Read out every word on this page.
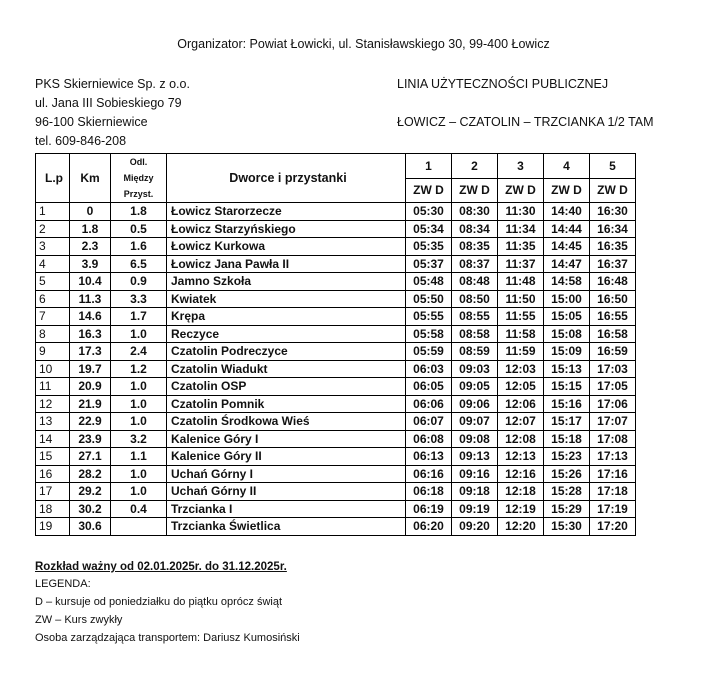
Organizator: Powiat Łowicki, ul. Stanisławskiego 30, 99-400 Łowicz
PKS Skierniewice Sp. z o.o.
ul. Jana III Sobieskiego 79
96-100 Skierniewice
tel. 609-846-208
LINIA UŻYTECZNOŚCI PUBLICZNEJ
ŁOWICZ – CZATOLIN – TRZCIANKA 1/2 TAM
L.p	Km	Odl.
Między
Przyst.	Dworce i przystanki	1	2	3	4	5
				ZW D	ZW D	ZW D	ZW D	ZW D
1	0	1.8	Łowicz Starorzecze	05:30	08:30	11:30	14:40	16:30
2	1.8	0.5	Łowicz Starzyńskiego	05:34	08:34	11:34	14:44	16:34
3	2.3	1.6	Łowicz Kurkowa	05:35	08:35	11:35	14:45	16:35
4	3.9	6.5	Łowicz Jana Pawła II	05:37	08:37	11:37	14:47	16:37
5	10.4	0.9	Jamno Szkoła	05:48	08:48	11:48	14:58	16:48
6	11.3	3.3	Kwiatek	05:50	08:50	11:50	15:00	16:50
7	14.6	1.7	Krępa	05:55	08:55	11:55	15:05	16:55
8	16.3	1.0	Reczyce	05:58	08:58	11:58	15:08	16:58
9	17.3	2.4	Czatolin Podreczyce	05:59	08:59	11:59	15:09	16:59
10	19.7	1.2	Czatolin Wiadukt	06:03	09:03	12:03	15:13	17:03
11	20.9	1.0	Czatolin OSP	06:05	09:05	12:05	15:15	17:05
12	21.9	1.0	Czatolin Pomnik	06:06	09:06	12:06	15:16	17:06
13	22.9	1.0	Czatolin Środkowa Wieś	06:07	09:07	12:07	15:17	17:07
14	23.9	3.2	Kalenice Góry I	06:08	09:08	12:08	15:18	17:08
15	27.1	1.1	Kalenice Góry II	06:13	09:13	12:13	15:23	17:13
16	28.2	1.0	Uchań Górny I	06:16	09:16	12:16	15:26	17:16
17	29.2	1.0	Uchań Górny II	06:18	09:18	12:18	15:28	17:18
18	30.2	0.4	Trzcianka I	06:19	09:19	12:19	15:29	17:19
19	30.6		Trzcianka Świetlica	06:20	09:20	12:20	15:30	17:20
Rozkład ważny od 02.01.2025r. do 31.12.2025r.
LEGENDA:
D – kursuje od poniedziałku do piątku oprócz świąt
ZW – Kurs zwykły
Osoba zarządzająca transportem: Dariusz Kumosiński
